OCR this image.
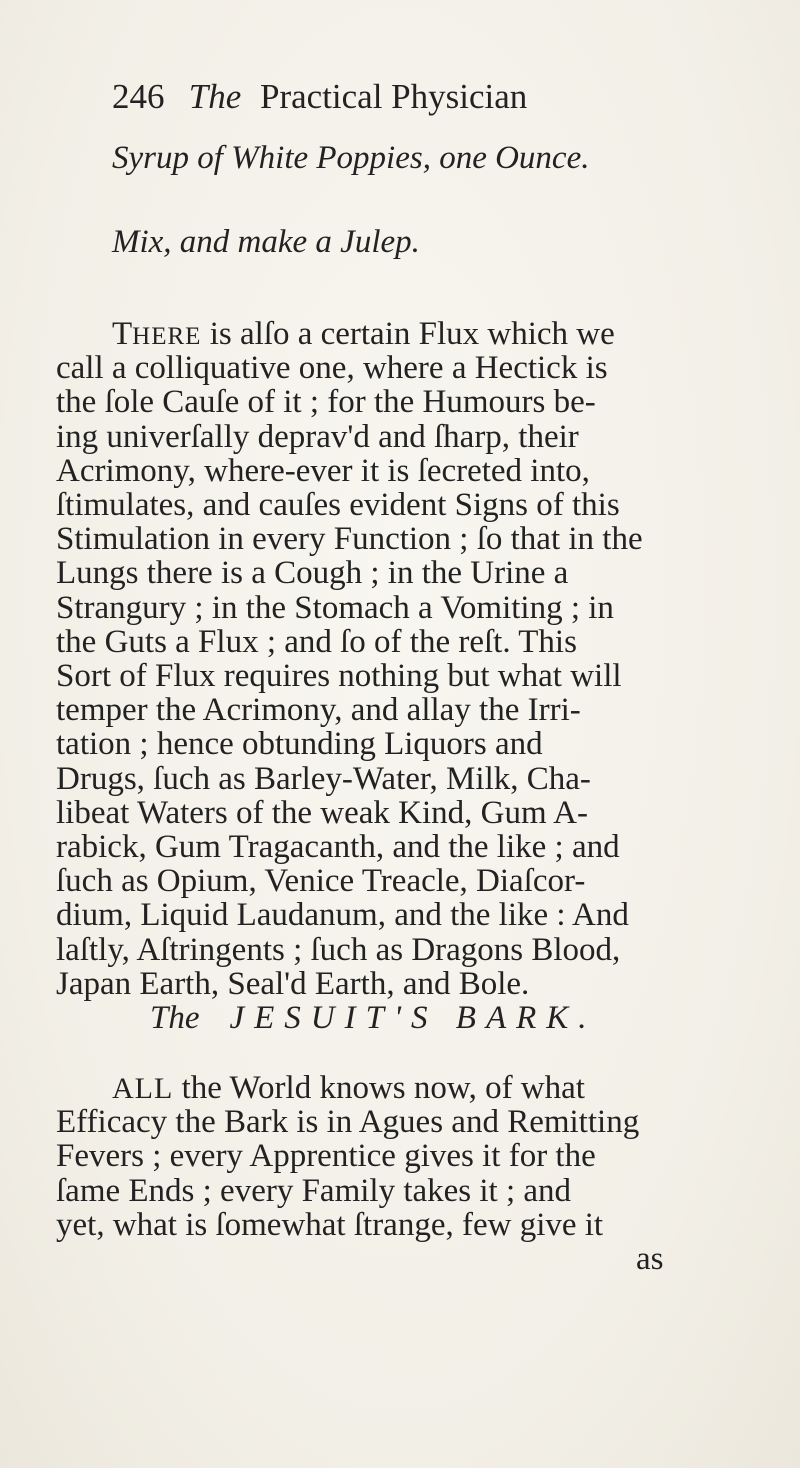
246 The Practical Physician
Syrup of White Poppies, one Ounce.
Mix, and make a Julep.
THERE is alſo a certain Flux which we
The JESUIT'S BARK.
ALL the World knows now, of what
Efficacy the Bark is in Agues and Remitting
Fevers ; every Apprentice gives it for the
ſame Ends ; every Family takes it ; and
yet, what is ſomewhat ſtrange, few give it
as
call a colliquative one, where a Hectick is
the ſole Cauſe of it ; for the Humours be-
ing univerſally deprav'd and ſharp, their
Acrimony, where-ever it is ſecreted into,
ſtimulates, and cauſes evident Signs of this
Stimulation in every Function ; ſo that in the
Lungs there is a Cough ; in the Urine a
Strangury ; in the Stomach a Vomiting ; in
the Guts a Flux ; and ſo of the reſt. This
Sort of Flux requires nothing but what will
temper the Acrimony, and allay the Irri-
tation ; hence obtunding Liquors and
Drugs, ſuch as Barley-Water, Milk, Cha-
libeat Waters of the weak Kind, Gum A-
rabick, Gum Tragacanth, and the like ; and
ſuch as Opium, Venice Treacle, Diaſcor-
dium, Liquid Laudanum, and the like : And
laſtly, Aſtringents ; ſuch as Dragons Blood,
Japan Earth, Seal'd Earth, and Bole.
